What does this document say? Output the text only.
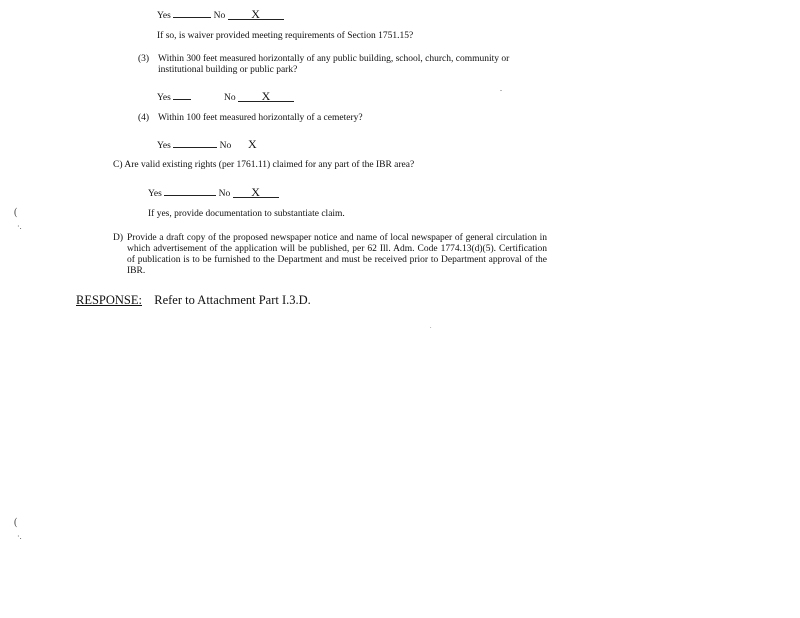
Yes	No X
If so, is waiver provided meeting requirements of Section 1751.15?
(3) Within 300 feet measured horizontally of any public building, school, church, community or
institutional building or public park?
Yes	No X
(4) Within 100 feet measured horizontally of a cemetery?
Yes	No X
C) Are valid existing rights (per 1761.11) claimed for any part of the IBR area?
Yes	No X
If yes, provide documentation to substantiate claim.
D) Provide a draft copy of the proposed newspaper notice and name of local newspaper of general circulation in which advertisement of the application will be published, per 62 Ill. Adm. Code 1774.13(d)(5). Certification of publication is to be furnished to the Department and must be received prior to Department approval of the IBR.
RESPONSE: Refer to Attachment Part I.3.D.
(
·.
(
·.
-
.
